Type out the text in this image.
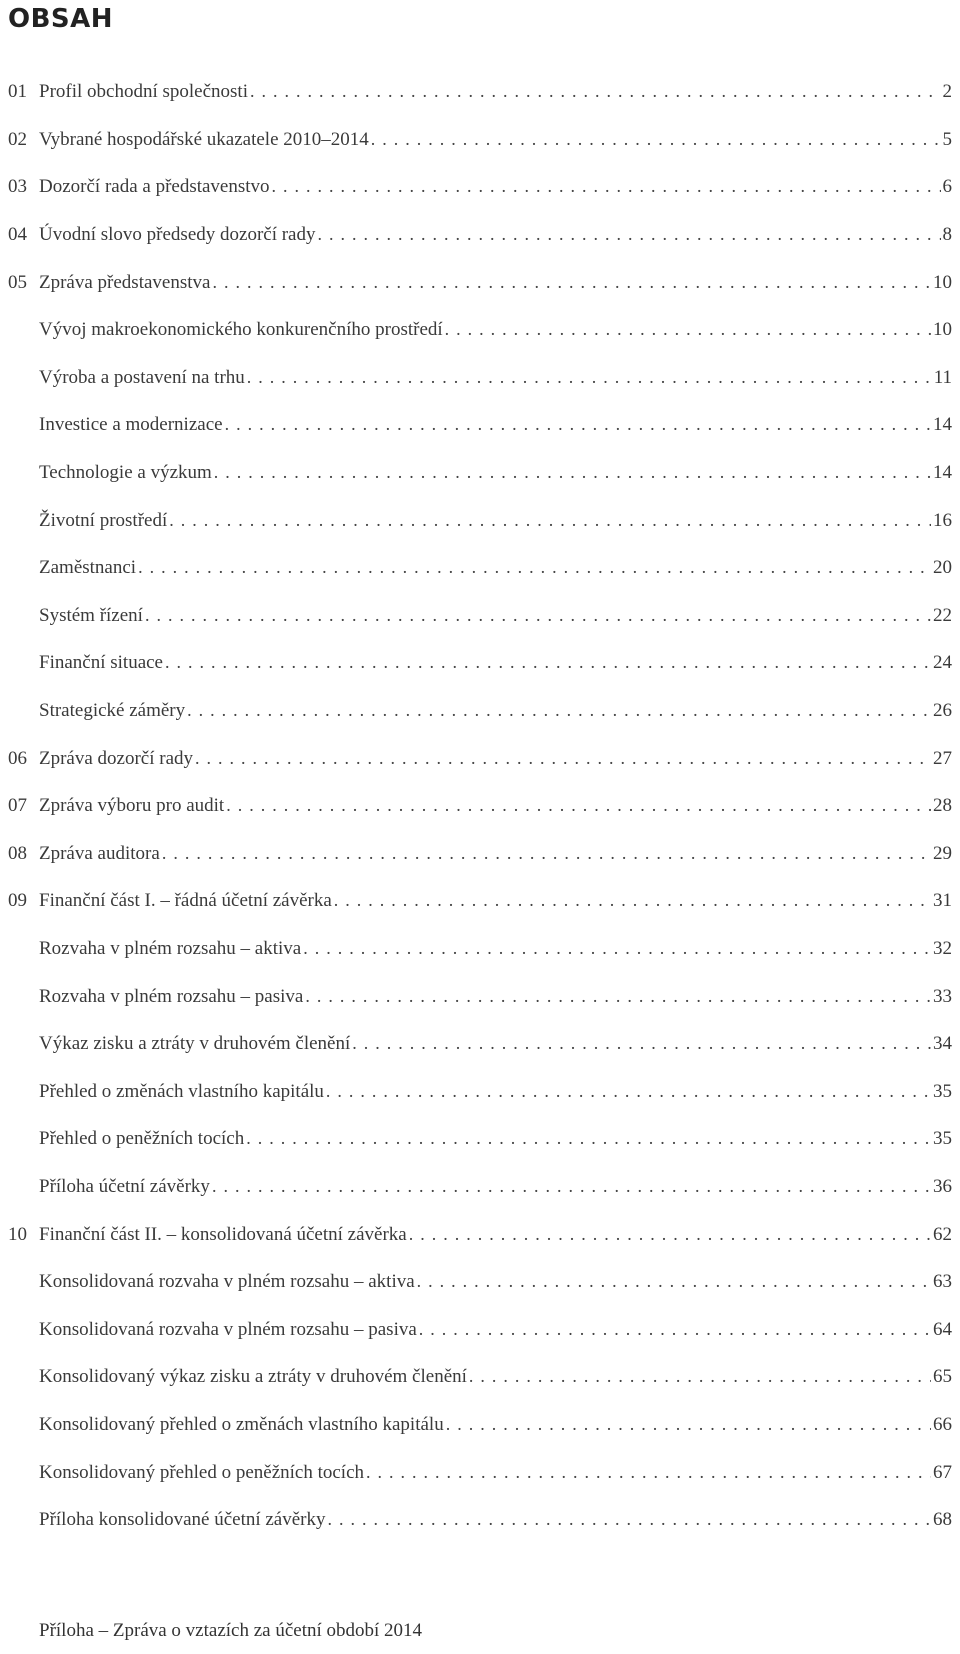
OBSAH
01 Profil obchodní společnosti .....	2
02 Vybrané hospodářské ukazatele 2010–2014 .....	5
03 Dozorčí rada a představenstvo .....	6
04 Úvodní slovo předsedy dozorčí rady .....	8
05 Zpráva představenstva .....	10
Vývoj makroekonomického konkurenčního prostředí .....	10
Výroba a postavení na trhu .....	11
Investice a modernizace .....	14
Technologie a výzkum .....	14
Životní prostředí .....	16
Zaměstnanci .....	20
Systém řízení .....	22
Finanční situace .....	24
Strategické záměry .....	26
06 Zpráva dozorčí rady .....	27
07 Zpráva výboru pro audit .....	28
08 Zpráva auditora .....	29
09 Finanční část I. – řádná účetní závěrka .....	31
Rozvaha v plném rozsahu – aktiva .....	32
Rozvaha v plném rozsahu – pasiva .....	33
Výkaz zisku a ztráty v druhovém členění .....	34
Přehled o změnách vlastního kapitálu .....	35
Přehled o peněžních tocích .....	35
Příloha účetní závěrky .....	36
10 Finanční část II. – konsolidovaná účetní závěrka .....	62
Konsolidovaná rozvaha v plném rozsahu – aktiva .....	63
Konsolidovaná rozvaha v plném rozsahu – pasiva .....	64
Konsolidovaný výkaz zisku a ztráty v druhovém členění .....	65
Konsolidovaný přehled o změnách vlastního kapitálu .....	66
Konsolidovaný přehled o peněžních tocích .....	67
Příloha konsolidované účetní závěrky .....	68
Příloha – Zpráva o vztazích za účetní období 2014
